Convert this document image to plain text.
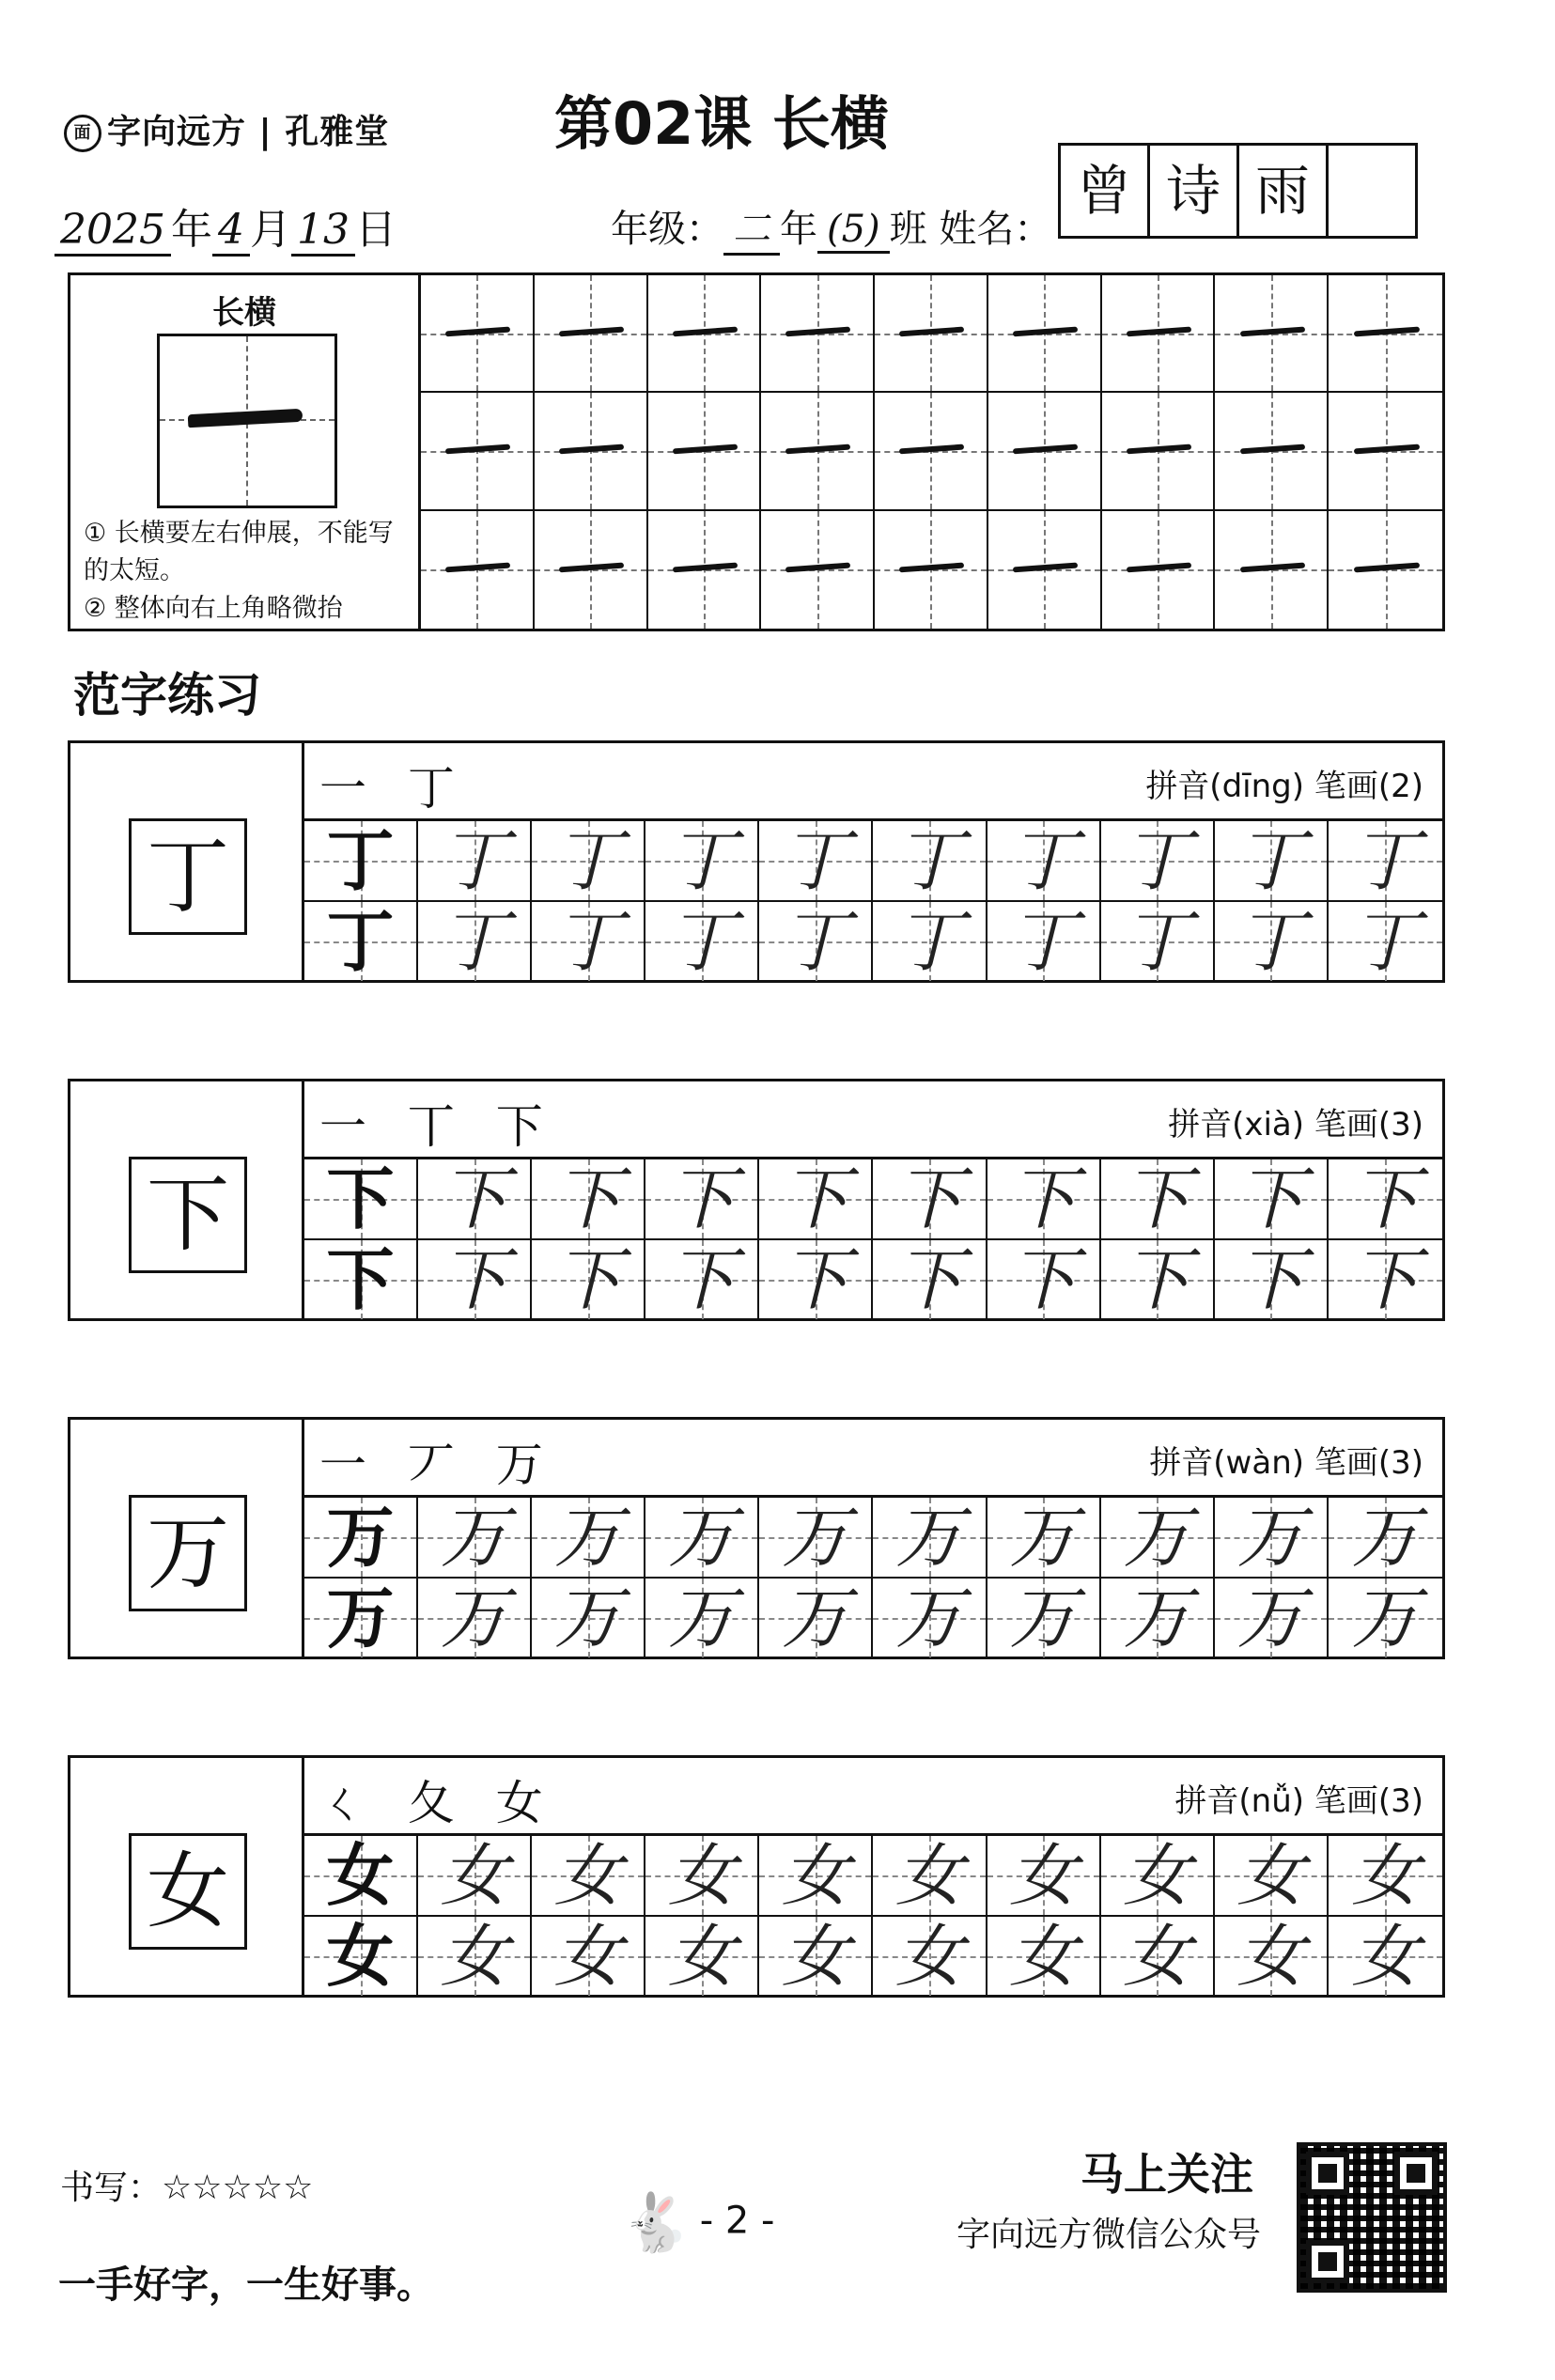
面 字向远方 | 孔雅堂	第02课 长横
2025 年 4 月 13 日	年级： 二 年 (5) 班 姓名：
曾 诗 雨
长横
① 长横要左右伸展，不能写的太短。
② 整体向右上角略微抬
范字练习
丁
一 丁	拼音(dīng) 笔画(2)
丁 丁 丁 丁 丁 丁 丁 丁 丁 丁
丁 丁 丁 丁 丁 丁 丁 丁 丁 丁
下
一 丅 下	拼音(xià) 笔画(3)
下 下 下 下 下 下 下 下 下 下
下 下 下 下 下 下 下 下 下 下
万
一 丆 万	拼音(wàn) 笔画(3)
万 万 万 万 万 万 万 万 万 万
万 万 万 万 万 万 万 万 万 万
女
ㄑ 夂 女	拼音(nǚ) 笔画(3)
女 女 女 女 女 女 女 女 女 女
女 女 女 女 女 女 女 女 女 女
书写：☆☆☆☆☆
一手好字，一生好事。
🐇 - 2 -
马上关注
字向远方微信公众号
